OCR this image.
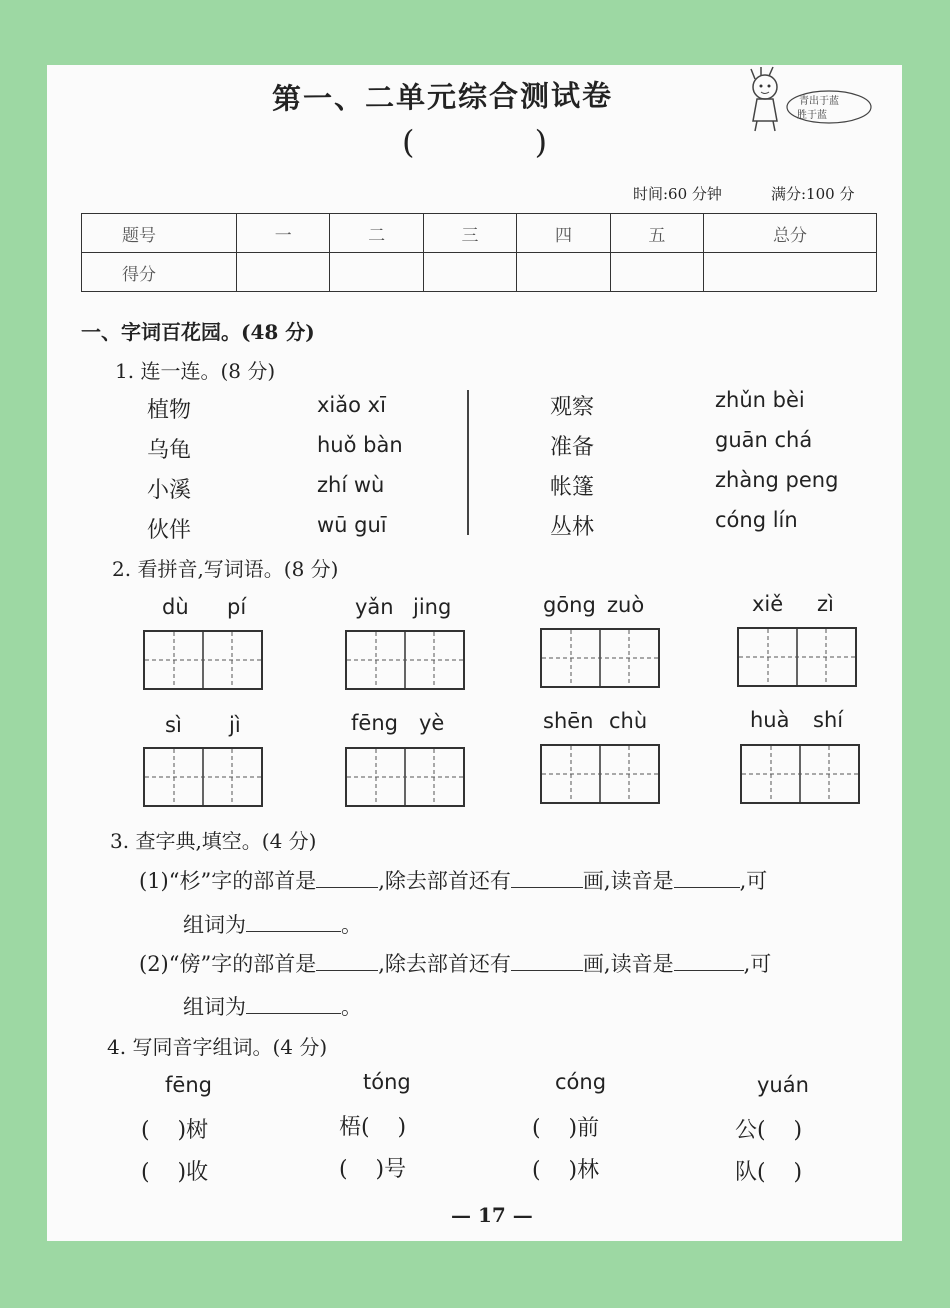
第一、二单元综合测试卷
( )
青出于蓝
胜于蓝
时间:60 分钟	满分:100 分
题号	一	二	三	四	五	总分
得分						
一、字词百花园。(48 分)
1. 连一连。(8 分)
植物
乌龟
小溪
伙伴
xiǎo xī
huǒ bàn
zhí wù
wū guī
观察
准备
帐篷
丛林
zhǔn bèi
guān chá
zhàng peng
cóng lín
2. 看拼音,写词语。(8 分)
dù pí	yǎn jing	gōng zuò	xiě zì
sì jì	fēng yè	shēn chù	huà shí
3. 查字典,填空。(4 分)
(1)“杉”字的部首是	,除去部首还有	画,读音是	,可
组词为	。
(2)“傍”字的部首是	,除去部首还有	画,读音是	,可
组词为	。
4. 写同音字组词。(4 分)
fēng	tóng	cóng	yuán
(    )树	梧(    )	(    )前	公(    )
(    )收	(    )号	(    )林	队(    )
— 17 —
